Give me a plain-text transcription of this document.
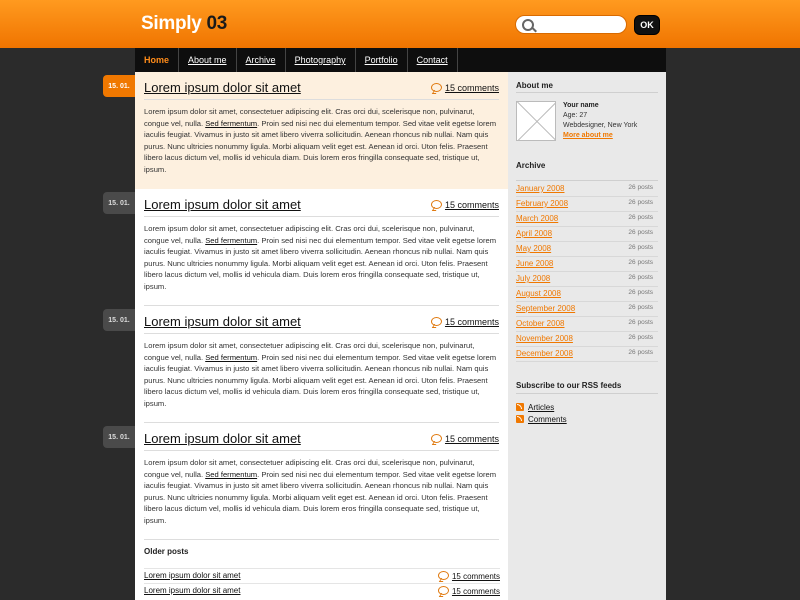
Simply 03	OK
Home	About me	Archive	Photography	Portfolio	Contact
15. 01.
15. 01.
15. 01.
15. 01.
Lorem ipsum dolor sit amet	15 comments
Lorem ipsum dolor sit amet, consectetuer adipiscing elit. Cras orci dui, scelerisque non, pulvinarut, congue vel, nulla. Sed fermentum. Proin sed nisi nec dui elementum tempor. Sed vitae velit egetse lorem iaculis feugiat. Vivamus in justo sit amet libero viverra sollicitudin. Aenean rhoncus nib nullai. Nam quis purus. Nunc ultricies nonummy ligula. Morbi aliquam velit eget est. Aenean id orci. Uton felis. Praesent libero lacus dictum vel, mollis id vehicula diam. Duis lorem eros fringilla consequate sed, tristique ut, ipsum.
Lorem ipsum dolor sit amet	15 comments
Lorem ipsum dolor sit amet, consectetuer adipiscing elit. Cras orci dui, scelerisque non, pulvinarut, congue vel, nulla. Sed fermentum. Proin sed nisi nec dui elementum tempor. Sed vitae velit egetse lorem iaculis feugiat. Vivamus in justo sit amet libero viverra sollicitudin. Aenean rhoncus nib nullai. Nam quis purus. Nunc ultricies nonummy ligula. Morbi aliquam velit eget est. Aenean id orci. Uton felis. Praesent libero lacus dictum vel, mollis id vehicula diam. Duis lorem eros fringilla consequate sed, tristique ut, ipsum.
Lorem ipsum dolor sit amet	15 comments
Lorem ipsum dolor sit amet, consectetuer adipiscing elit. Cras orci dui, scelerisque non, pulvinarut, congue vel, nulla. Sed fermentum. Proin sed nisi nec dui elementum tempor. Sed vitae velit egetse lorem iaculis feugiat. Vivamus in justo sit amet libero viverra sollicitudin. Aenean rhoncus nib nullai. Nam quis purus. Nunc ultricies nonummy ligula. Morbi aliquam velit eget est. Aenean id orci. Uton felis. Praesent libero lacus dictum vel, mollis id vehicula diam. Duis lorem eros fringilla consequate sed, tristique ut, ipsum.
Lorem ipsum dolor sit amet	15 comments
Lorem ipsum dolor sit amet, consectetuer adipiscing elit. Cras orci dui, scelerisque non, pulvinarut, congue vel, nulla. Sed fermentum. Proin sed nisi nec dui elementum tempor. Sed vitae velit egetse lorem iaculis feugiat. Vivamus in justo sit amet libero viverra sollicitudin. Aenean rhoncus nib nullai. Nam quis purus. Nunc ultricies nonummy ligula. Morbi aliquam velit eget est. Aenean id orci. Uton felis. Praesent libero lacus dictum vel, mollis id vehicula diam. Duis lorem eros fringilla consequate sed, tristique ut, ipsum.
Older posts
Lorem ipsum dolor sit amet	15 comments
Lorem ipsum dolor sit amet	15 comments
About me
Your name
Age: 27
Webdesigner, New York
More about me
Archive
January 2008	26 posts
February 2008	26 posts
March 2008	26 posts
April 2008	26 posts
May 2008	26 posts
June 2008	26 posts
July 2008	26 posts
August 2008	26 posts
September 2008	26 posts
October 2008	26 posts
November 2008	26 posts
December 2008	26 posts
Subscribe to our RSS feeds
Articles
Comments
